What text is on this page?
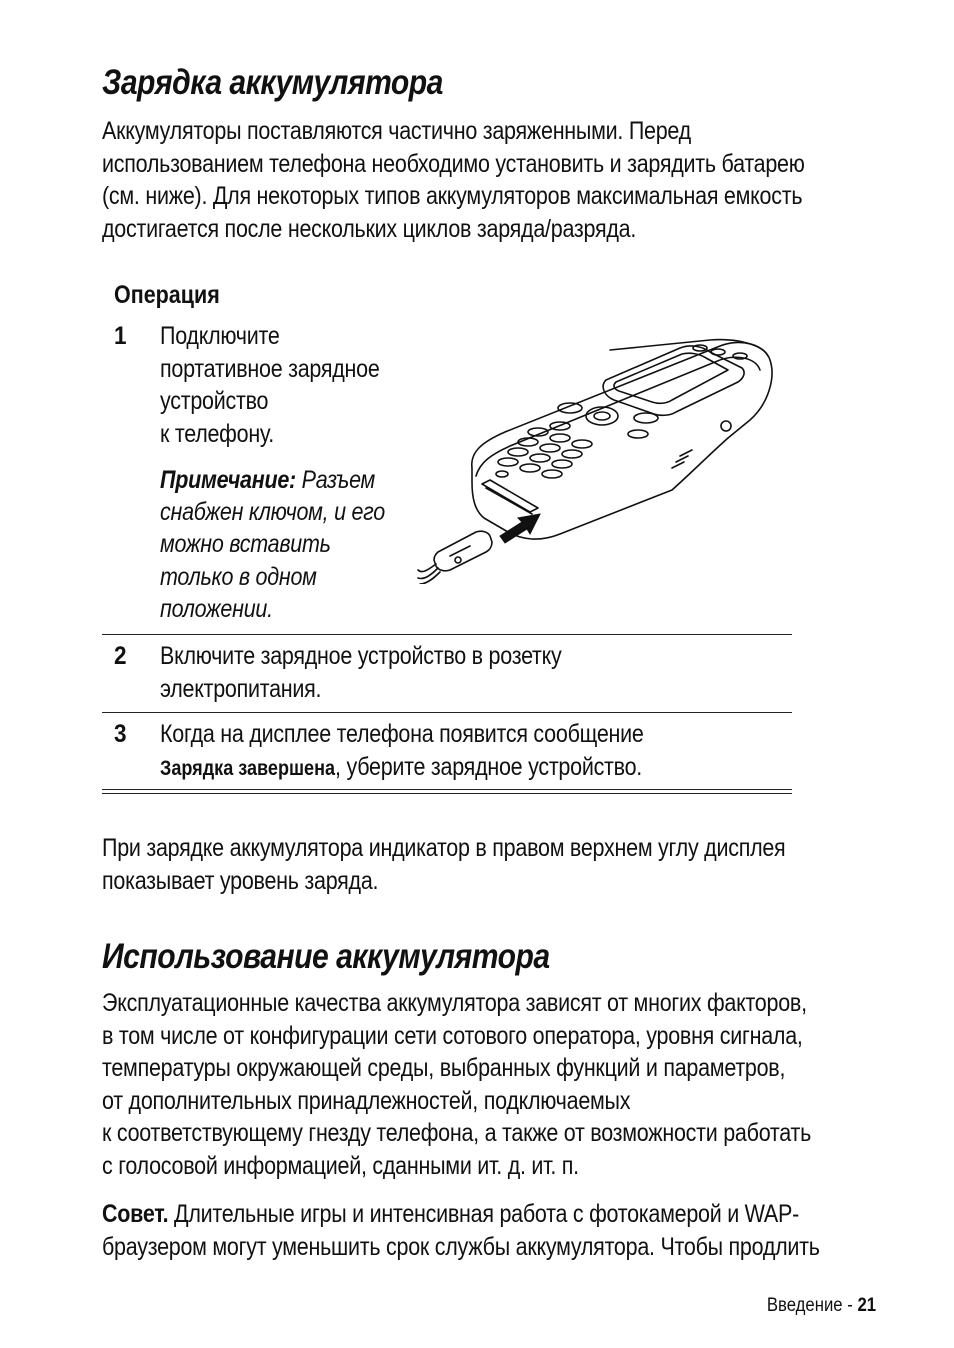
Зарядка аккумулятора
Аккумуляторы поставляются частично заряженными. Перед
использованием телефона необходимо установить и зарядить батарею
(см. ниже). Для некоторых типов аккумуляторов максимальная емкость
достигается после нескольких циклов заряда/разряда.
Операция
1 Подключите
портативное зарядное
устройство
к телефону.
Примечание: Разъем
снабжен ключом, и его
можно вставить
только в одном
положении.
2 Включите зарядное устройство в розетку
электропитания.
3 Когда на дисплее телефона появится сообщение
Зарядка завершена, уберите зарядное устройство.
При зарядке аккумулятора индикатор в правом верхнем углу дисплея
показывает уровень заряда.
Использование аккумулятора
Эксплуатационные качества аккумулятора зависят от многих факторов,
в том числе от конфигурации сети сотового оператора, уровня сигнала,
температуры окружающей среды, выбранных функций и параметров,
от дополнительных принадлежностей, подключаемых
к соответствующему гнезду телефона, а также от возможности работать
с голосовой информацией, сданными ит. д. ит. п.
Совет. Длительные игры и интенсивная работа с фотокамерой и WAP-
браузером могут уменьшить срок службы аккумулятора. Чтобы продлить
Введение - 21
